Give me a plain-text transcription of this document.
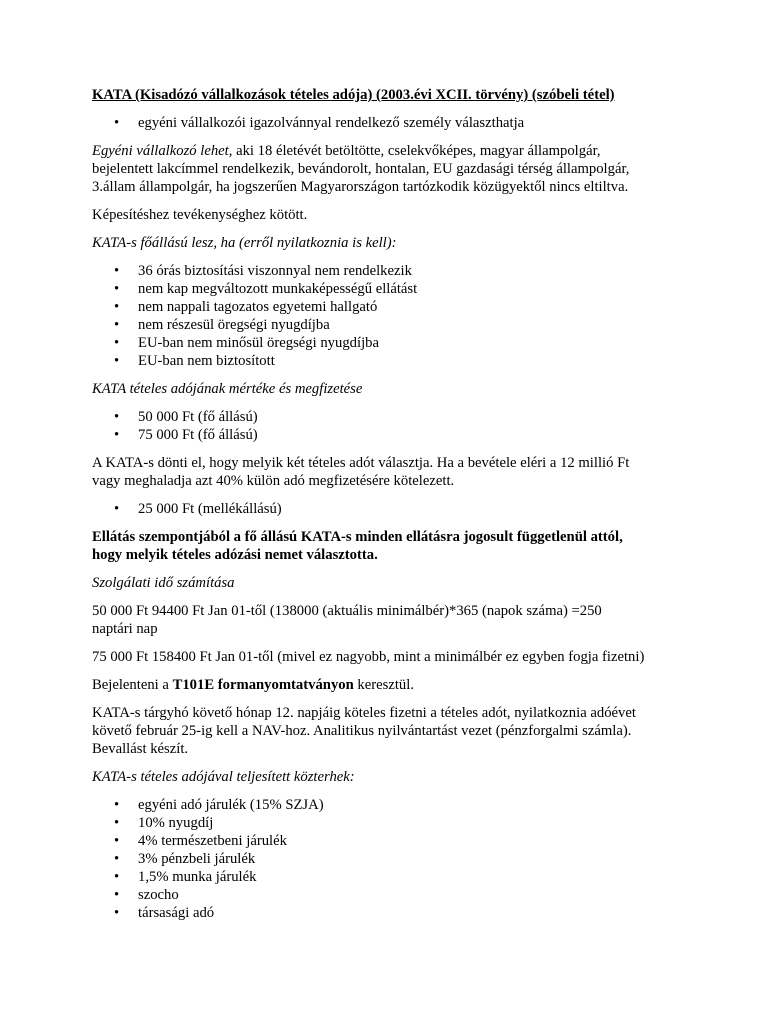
KATA (Kisadózó vállalkozások tételes adója) (2003.évi XCII. törvény) (szóbeli tétel)
• egyéni vállalkozói igazolvánnyal rendelkező személy választhatja
Egyéni vállalkozó lehet, aki 18 életévét betöltötte, cselekvőképes, magyar állampolgár,
bejelentett lakcímmel rendelkezik, bevándorolt, hontalan, EU gazdasági térség állampolgár,
3.állam állampolgár, ha jogszerűen Magyarországon tartózkodik közügyektől nincs eltiltva.
Képesítéshez tevékenységhez kötött.
KATA-s főállású lesz, ha (erről nyilatkoznia is kell):
• 36 órás biztosítási viszonnyal nem rendelkezik
• nem kap megváltozott munkaképességű ellátást
• nem nappali tagozatos egyetemi hallgató
• nem részesül öregségi nyugdíjba
• EU-ban nem minősül öregségi nyugdíjba
• EU-ban nem biztosított
KATA tételes adójának mértéke és megfizetése
• 50 000 Ft (fő állású)
• 75 000 Ft (fő állású)
A KATA-s dönti el, hogy melyik két tételes adót választja. Ha a bevétele eléri a 12 millió Ft
vagy meghaladja azt 40% külön adó megfizetésére kötelezett.
• 25 000 Ft (mellékállású)
Ellátás szempontjából a fő állású KATA-s minden ellátásra jogosult függetlenül attól,
hogy melyik tételes adózási nemet választotta.
Szolgálati idő számítása
50 000 Ft 94400 Ft Jan 01-től (138000 (aktuális minimálbér)*365 (napok száma) =250
naptári nap
75 000 Ft 158400 Ft Jan 01-től (mivel ez nagyobb, mint a minimálbér ez egyben fogja fizetni)
Bejelenteni a T101E formanyomtatványon keresztül.
KATA-s tárgyhó követő hónap 12. napjáig köteles fizetni a tételes adót, nyilatkoznia adóévet
követő február 25-ig kell a NAV-hoz. Analitikus nyilvántartást vezet (pénzforgalmi számla).
Bevallást készít.
KATA-s tételes adójával teljesített közterhek:
• egyéni adó járulék (15% SZJA)
• 10% nyugdíj
• 4% természetbeni járulék
• 3% pénzbeli járulék
• 1,5% munka járulék
• szocho
• társasági adó
